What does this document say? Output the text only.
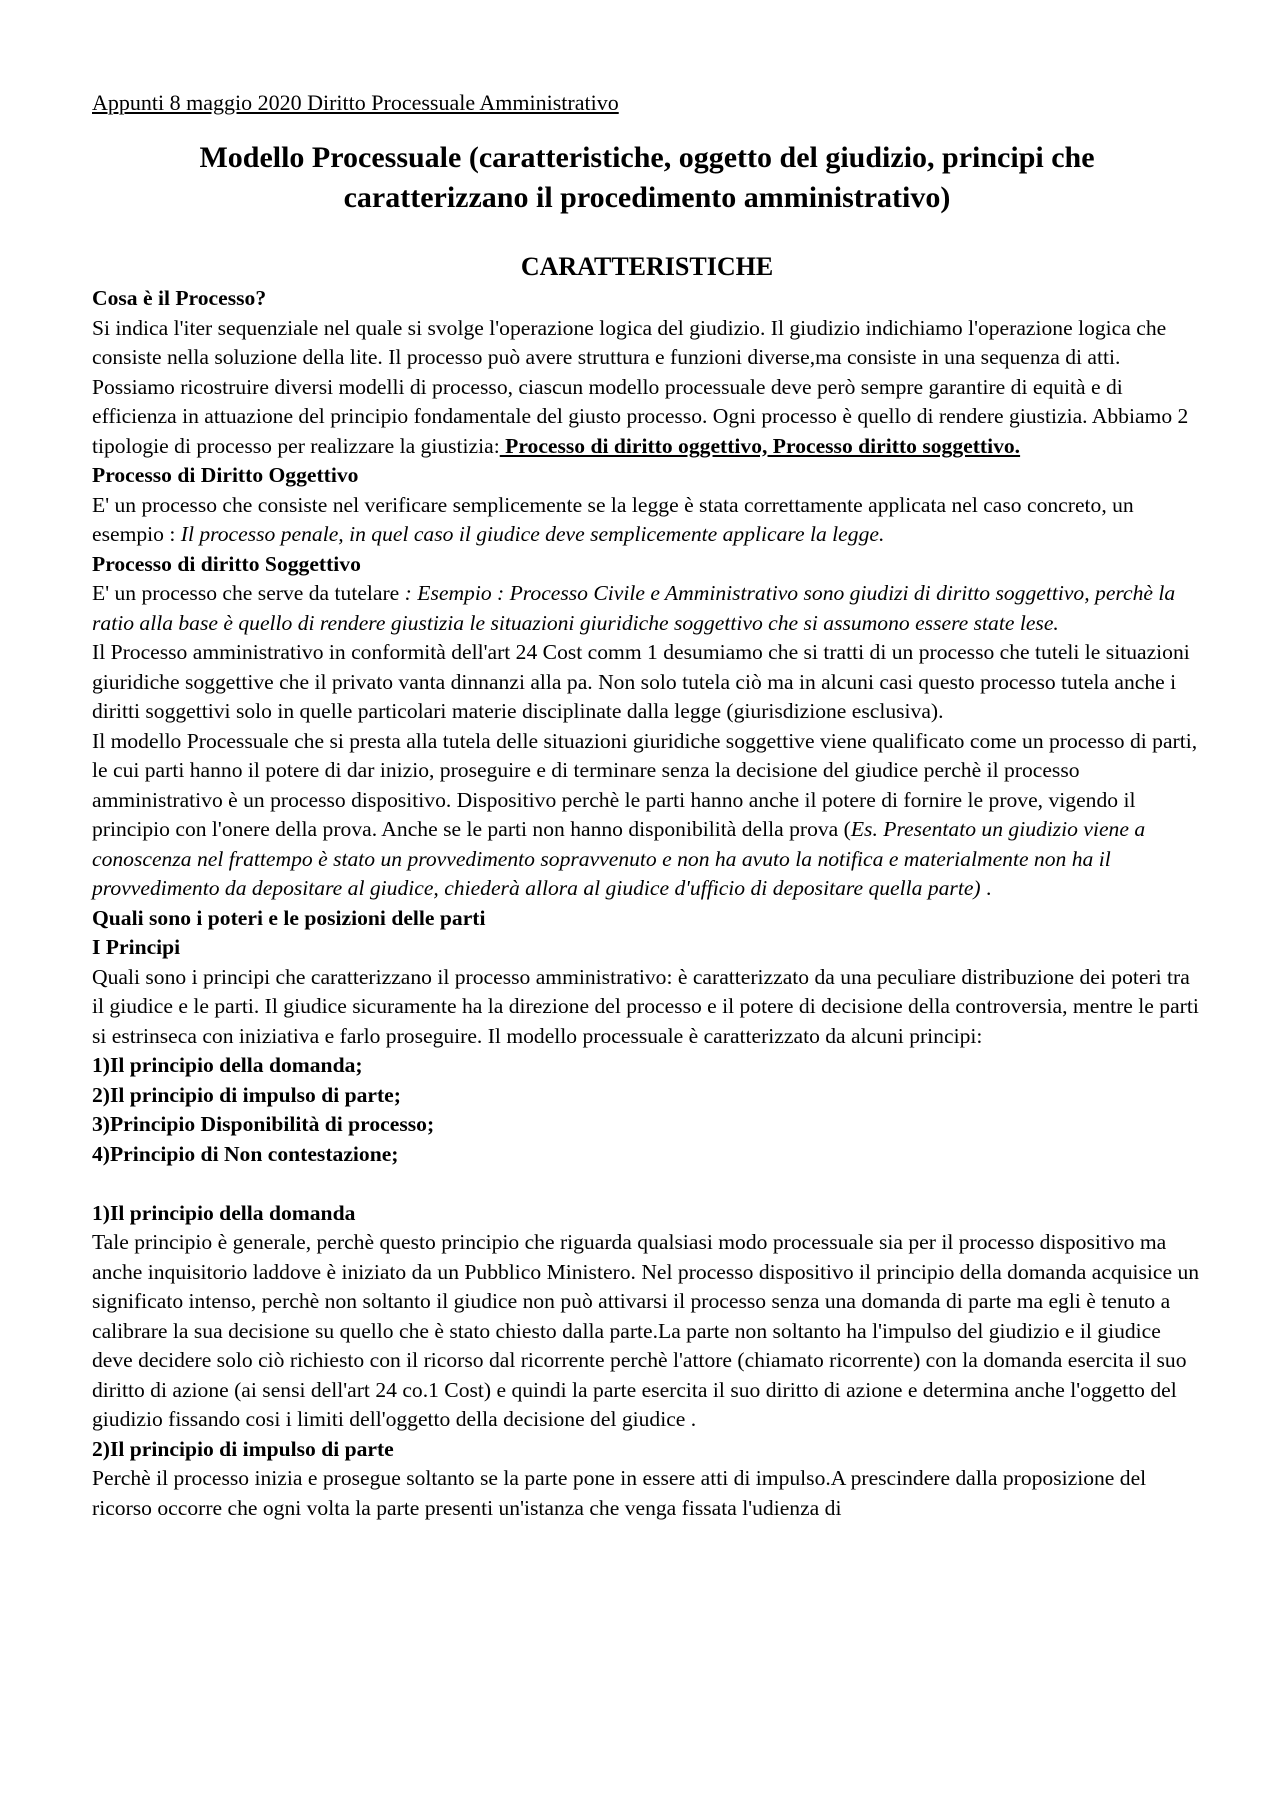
Appunti 8 maggio 2020 Diritto Processuale Amministrativo
Modello Processuale (caratteristiche, oggetto del giudizio, principi che caratterizzano il procedimento amministrativo)
CARATTERISTICHE

Cosa è il Processo?

Si indica l'iter sequenziale nel quale si svolge l'operazione logica del giudizio. Il giudizio indichiamo l'operazione logica che consiste nella soluzione della lite. Il processo può avere struttura e funzioni diverse,ma consiste in una sequenza di atti. Possiamo ricostruire diversi modelli di processo, ciascun modello processuale deve però sempre garantire di equità e di efficienza in attuazione del principio fondamentale del giusto processo. Ogni processo è quello di rendere giustizia. Abbiamo 2 tipologie di processo per realizzare la giustizia: Processo di diritto oggettivo, Processo diritto soggettivo.

Processo di Diritto Oggettivo

E' un processo che consiste nel verificare semplicemente se la legge è stata correttamente applicata nel caso concreto, un esempio : Il processo penale, in quel caso il giudice deve semplicemente applicare la legge.

Processo di diritto Soggettivo

E' un processo che serve da tutelare : Esempio : Processo Civile e Amministrativo sono giudizi di diritto soggettivo, perchè la ratio alla base è quello di rendere giustizia le situazioni giuridiche soggettivo che si assumono essere state lese.

Il Processo amministrativo in conformità dell'art 24 Cost comm 1 desumiamo che si tratti di un processo che tuteli le situazioni giuridiche soggettive che il privato vanta dinnanzi alla pa. Non solo tutela ciò ma in alcuni casi questo processo tutela anche i diritti soggettivi solo in quelle particolari materie disciplinate dalla legge (giurisdizione esclusiva).

Il modello Processuale che si presta alla tutela delle situazioni giuridiche soggettive viene qualificato come un processo di parti, le cui parti hanno il potere di dar inizio, proseguire e di terminare senza la decisione del giudice perchè il processo amministrativo è un processo dispositivo. Dispositivo perchè le parti hanno anche il potere di fornire le prove, vigendo il principio con l'onere della prova. Anche se le parti non hanno disponibilità della prova (Es. Presentato un giudizio viene a conoscenza nel frattempo è stato un provvedimento sopravvenuto e non ha avuto la notifica e materialmente non ha il provvedimento da depositare al giudice, chiederà allora al giudice d'ufficio di depositare quella parte) .

Quali sono i poteri e le posizioni delle parti

I Principi

Quali sono i principi che caratterizzano il processo amministrativo: è caratterizzato da una peculiare distribuzione dei poteri tra il giudice e le parti. Il giudice sicuramente ha la direzione del processo e il potere di decisione della controversia, mentre le parti si estrinseca con iniziativa e farlo proseguire. Il modello processuale è caratterizzato da alcuni principi:

1)Il principio della domanda;

2)Il principio di impulso di parte;

3)Principio Disponibilità di processo;

4)Principio di Non contestazione;

1)Il principio della domanda

Tale principio è generale, perchè questo principio che riguarda qualsiasi modo processuale sia per il processo dispositivo ma anche inquisitorio laddove è iniziato da un Pubblico Ministero. Nel processo dispositivo il principio della domanda acquisice un significato intenso, perchè non soltanto il giudice non può attivarsi il processo senza una domanda di parte ma egli è tenuto a calibrare la sua decisione su quello che è stato chiesto dalla parte.La parte non soltanto ha l'impulso del giudizio e il giudice deve decidere solo ciò richiesto con il ricorso dal ricorrente perchè l'attore (chiamato ricorrente) con la domanda esercita il suo diritto di azione (ai sensi dell'art 24 co.1 Cost) e quindi la parte esercita il suo diritto di azione e determina anche l'oggetto del giudizio fissando cosi i limiti dell'oggetto della decisione del giudice .

2)Il principio di impulso di parte

Perchè il processo inizia e prosegue soltanto se la parte pone in essere atti di impulso.A prescindere dalla proposizione del ricorso occorre che ogni volta la parte presenti un'istanza che venga fissata l'udienza di
